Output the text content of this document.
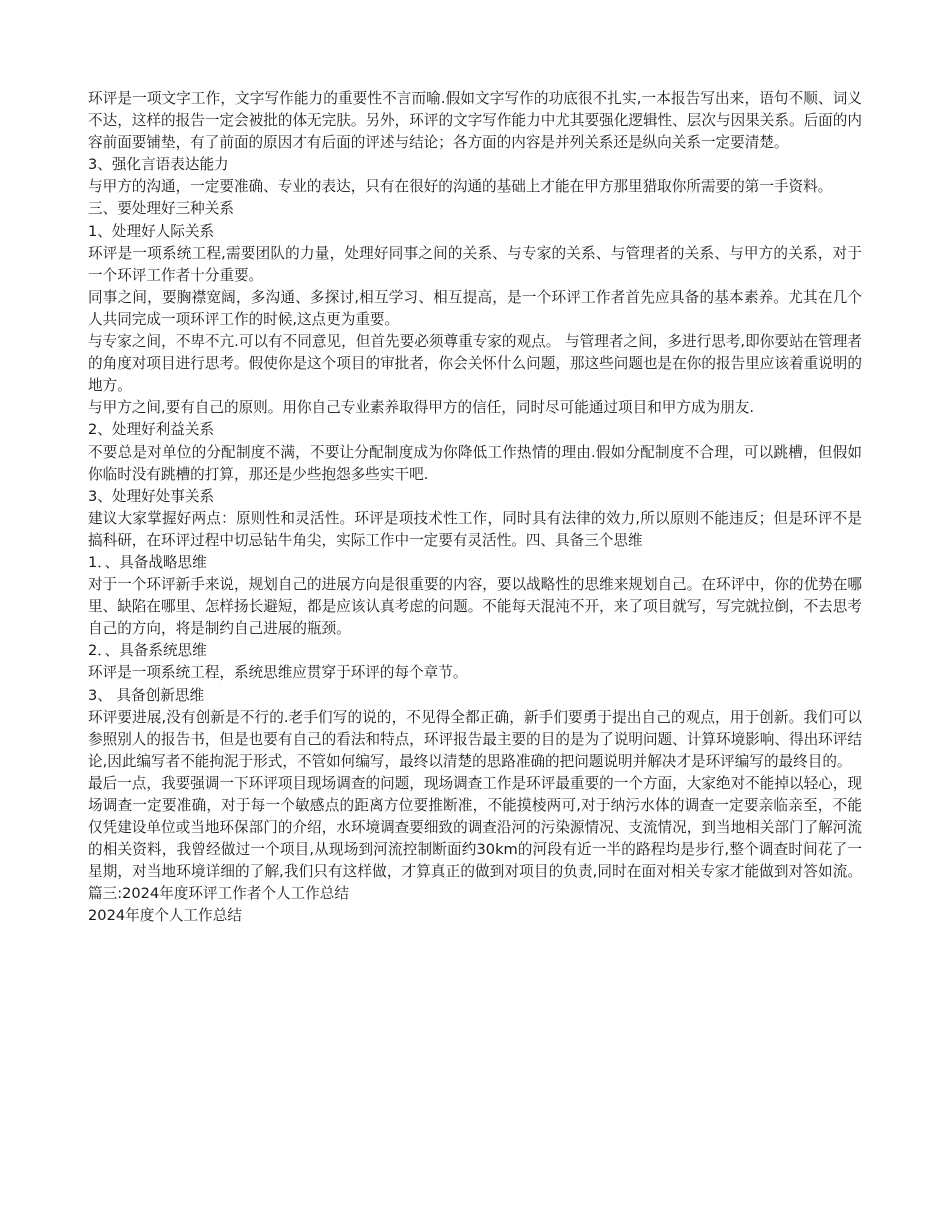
环评是一项文字工作，文字写作能力的重要性不言而喻.假如文字写作的功底很不扎实,一本报告写出来，语句不顺、词义不达，这样的报告一定会被批的体无完肤。另外，环评的文字写作能力中尤其要强化逻辑性、层次与因果关系。后面的内容前面要铺垫，有了前面的原因才有后面的评述与结论；各方面的内容是并列关系还是纵向关系一定要清楚。

3、强化言语表达能力

与甲方的沟通，一定要准确、专业的表达，只有在很好的沟通的基础上才能在甲方那里猎取你所需要的第一手资料。

三、要处理好三种关系

1、处理好人际关系

环评是一项系统工程,需要团队的力量，处理好同事之间的关系、与专家的关系、与管理者的关系、与甲方的关系，对于一个环评工作者十分重要。

同事之间，要胸襟宽阔，多沟通、多探讨,相互学习、相互提高，是一个环评工作者首先应具备的基本素养。尤其在几个人共同完成一项环评工作的时候,这点更为重要。

与专家之间，不卑不亢.可以有不同意见，但首先要必须尊重专家的观点。 与管理者之间，多进行思考,即你要站在管理者的角度对项目进行思考。假使你是这个项目的审批者，你会关怀什么问题，那这些问题也是在你的报告里应该着重说明的地方。

与甲方之间,要有自己的原则。用你自己专业素养取得甲方的信任，同时尽可能通过项目和甲方成为朋友.

2、处理好利益关系

不要总是对单位的分配制度不满，不要让分配制度成为你降低工作热情的理由.假如分配制度不合理，可以跳槽，但假如你临时没有跳槽的打算，那还是少些抱怨多些实干吧.

3、处理好处事关系

建议大家掌握好两点：原则性和灵活性。环评是项技术性工作，同时具有法律的效力,所以原则不能违反；但是环评不是搞科研，在环评过程中切忌钻牛角尖，实际工作中一定要有灵活性。四、具备三个思维

1．、具备战略思维

对于一个环评新手来说，规划自己的进展方向是很重要的内容，要以战略性的思维来规划自己。在环评中，你的优势在哪里、缺陷在哪里、怎样扬长避短，都是应该认真考虑的问题。不能每天混沌不开，来了项目就写，写完就拉倒，不去思考自己的方向，将是制约自己进展的瓶颈。

2．、具备系统思维

环评是一项系统工程，系统思维应贯穿于环评的每个章节。

3、 具备创新思维

环评要进展,没有创新是不行的.老手们写的说的，不见得全都正确，新手们要勇于提出自己的观点，用于创新。我们可以参照别人的报告书，但是也要有自己的看法和特点，环评报告最主要的目的是为了说明问题、计算环境影响、得出环评结论,因此编写者不能拘泥于形式，不管如何编写，最终以清楚的思路准确的把问题说明并解决才是环评编写的最终目的。

最后一点，我要强调一下环评项目现场调查的问题，现场调查工作是环评最重要的一个方面，大家绝对不能掉以轻心，现场调查一定要准确，对于每一个敏感点的距离方位要推断准，不能摸棱两可,对于纳污水体的调查一定要亲临亲至，不能仅凭建设单位或当地环保部门的介绍，水环境调查要细致的调查沿河的污染源情况、支流情况，到当地相关部门了解河流的相关资料，我曾经做过一个项目,从现场到河流控制断面约30km的河段有近一半的路程均是步行,整个调查时间花了一星期，对当地环境详细的了解,我们只有这样做，才算真正的做到对项目的负责,同时在面对相关专家才能做到对答如流。篇三:2024年度环评工作者个人工作总结

2024年度个人工作总结
